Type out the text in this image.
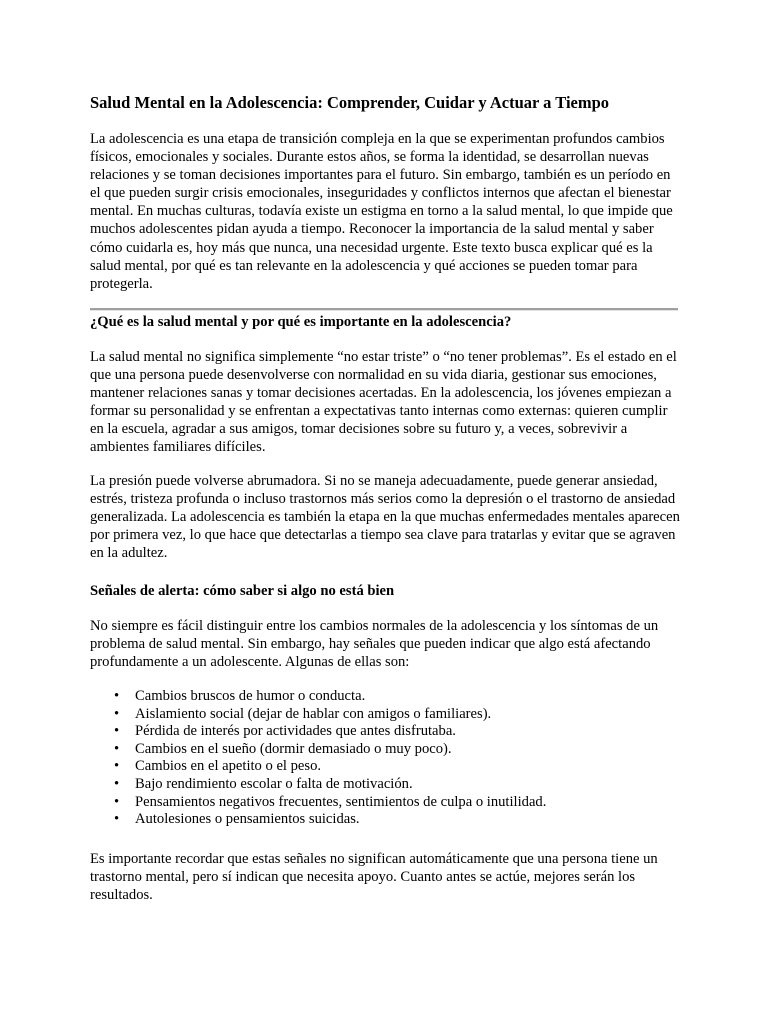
Salud Mental en la Adolescencia: Comprender, Cuidar y Actuar a Tiempo

La adolescencia es una etapa de transición compleja en la que se experimentan profundos cambios físicos, emocionales y sociales. Durante estos años, se forma la identidad, se desarrollan nuevas relaciones y se toman decisiones importantes para el futuro. Sin embargo, también es un período en el que pueden surgir crisis emocionales, inseguridades y conflictos internos que afectan el bienestar mental. En muchas culturas, todavía existe un estigma en torno a la salud mental, lo que impide que muchos adolescentes pidan ayuda a tiempo. Reconocer la importancia de la salud mental y saber cómo cuidarla es, hoy más que nunca, una necesidad urgente. Este texto busca explicar qué es la salud mental, por qué es tan relevante en la adolescencia y qué acciones se pueden tomar para protegerla.

¿Qué es la salud mental y por qué es importante en la adolescencia?

La salud mental no significa simplemente “no estar triste” o “no tener problemas”. Es el estado en el que una persona puede desenvolverse con normalidad en su vida diaria, gestionar sus emociones, mantener relaciones sanas y tomar decisiones acertadas. En la adolescencia, los jóvenes empiezan a formar su personalidad y se enfrentan a expectativas tanto internas como externas: quieren cumplir en la escuela, agradar a sus amigos, tomar decisiones sobre su futuro y, a veces, sobrevivir a ambientes familiares difíciles.

La presión puede volverse abrumadora. Si no se maneja adecuadamente, puede generar ansiedad, estrés, tristeza profunda o incluso trastornos más serios como la depresión o el trastorno de ansiedad generalizada. La adolescencia es también la etapa en la que muchas enfermedades mentales aparecen por primera vez, lo que hace que detectarlas a tiempo sea clave para tratarlas y evitar que se agraven en la adultez.

Señales de alerta: cómo saber si algo no está bien

No siempre es fácil distinguir entre los cambios normales de la adolescencia y los síntomas de un problema de salud mental. Sin embargo, hay señales que pueden indicar que algo está afectando profundamente a un adolescente. Algunas de ellas son:

• Cambios bruscos de humor o conducta.
• Aislamiento social (dejar de hablar con amigos o familiares).
• Pérdida de interés por actividades que antes disfrutaba.
• Cambios en el sueño (dormir demasiado o muy poco).
• Cambios en el apetito o el peso.
• Bajo rendimiento escolar o falta de motivación.
• Pensamientos negativos frecuentes, sentimientos de culpa o inutilidad.
• Autolesiones o pensamientos suicidas.

Es importante recordar que estas señales no significan automáticamente que una persona tiene un trastorno mental, pero sí indican que necesita apoyo. Cuanto antes se actúe, mejores serán los resultados.
